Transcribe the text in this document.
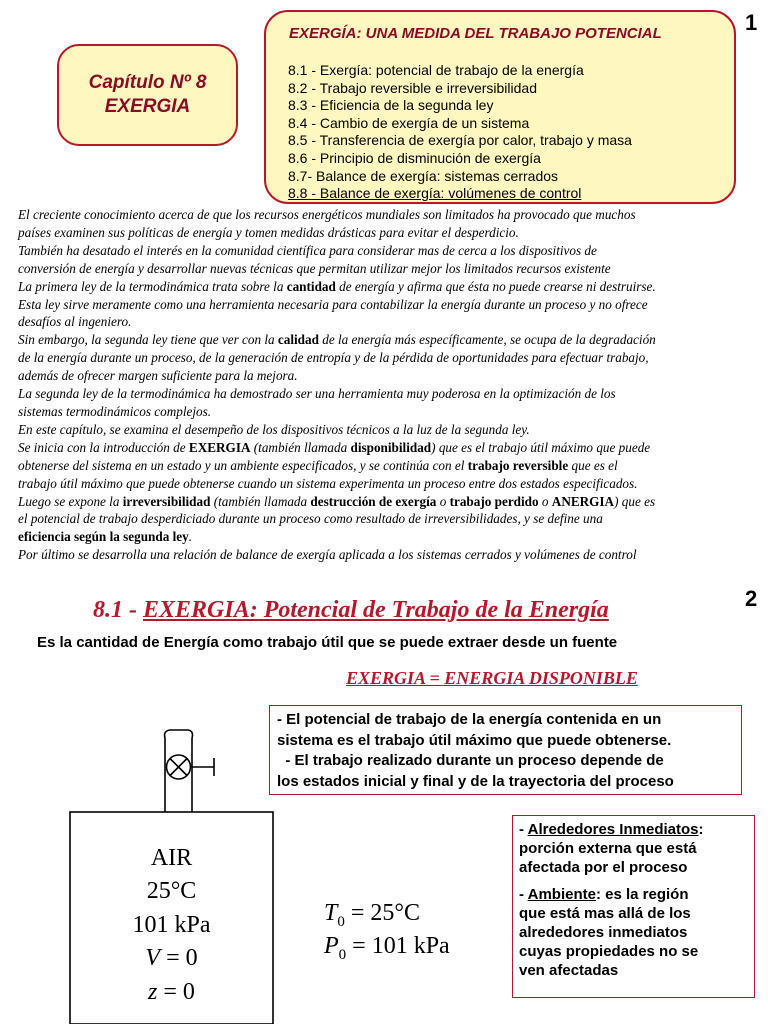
1
2
Capítulo Nº 8
EXERGIA
EXERGÍA: UNA MEDIDA DEL TRABAJO POTENCIAL
8.1 - Exergía: potencial de trabajo de la energía
8.2 - Trabajo reversible e irreversibilidad
8.3 - Eficiencia de la segunda ley
8.4 - Cambio de exergía de un sistema
8.5 - Transferencia de exergía por calor, trabajo y masa
8.6 - Principio de disminución de exergía
8.7- Balance de exergía: sistemas cerrados
8.8 - Balance de exergía: volúmenes de control
El creciente conocimiento acerca de que los recursos energéticos mundiales son limitados ha provocado que muchos
países examinen sus políticas de energía y tomen medidas drásticas para evitar el desperdicio.
También ha desatado el interés en la comunidad científica para considerar mas de cerca a los dispositivos de
conversión de energía y desarrollar nuevas técnicas que permitan utilizar mejor los limitados recursos existente
La primera ley de la termodinámica trata sobre la cantidad de energía y afirma que ésta no puede crearse ni destruirse.
Esta ley sirve meramente como una herramienta necesaria para contabilizar la energía durante un proceso y no ofrece
desafíos al ingeniero.
Sin embargo, la segunda ley tiene que ver con la calidad de la energía más específicamente, se ocupa de la degradación
de la energía durante un proceso, de la generación de entropía y de la pérdida de oportunidades para efectuar trabajo,
además de ofrecer margen suficiente para la mejora.
La segunda ley de la termodinámica ha demostrado ser una herramienta muy poderosa en la optimización de los
sistemas termodinámicos complejos.
En este capítulo, se examina el desempeño de los dispositivos técnicos a la luz de la segunda ley.
Se inicia con la introducción de EXERGIA (también llamada disponibilidad) que es el trabajo útil máximo que puede
obtenerse del sistema en un estado y un ambiente especificados, y se continúa con el trabajo reversible que es el
trabajo útil máximo que puede obtenerse cuando un sistema experimenta un proceso entre dos estados especificados.
Luego se expone la irreversibilidad (también llamada destrucción de exergía o trabajo perdido o ANERGIA) que es
el potencial de trabajo desperdiciado durante un proceso como resultado de irreversibilidades, y se define una
eficiencia según la segunda ley.
Por último se desarrolla una relación de balance de exergía aplicada a los sistemas cerrados y volúmenes de control
8.1 - EXERGIA: Potencial de Trabajo de la Energía
Es la cantidad de Energía como trabajo útil que se puede extraer desde un fuente
EXERGIA = ENERGIA DISPONIBLE
- El potencial de trabajo de la energía contenida en un
sistema es el trabajo útil máximo que puede obtenerse.
- El trabajo realizado durante un proceso depende de
los estados inicial y final y de la trayectoria del proceso
- Alrededores Inmediatos:
porción externa que está
afectada por el proceso
- Ambiente: es la región
que está mas allá de los
alrededores inmediatos
cuyas propiedades no se
ven afectadas
AIR
25°C
101 kPa
V = 0
z = 0
$T_0 = 25^\circ C$
$P_0 = 101$ kPa
